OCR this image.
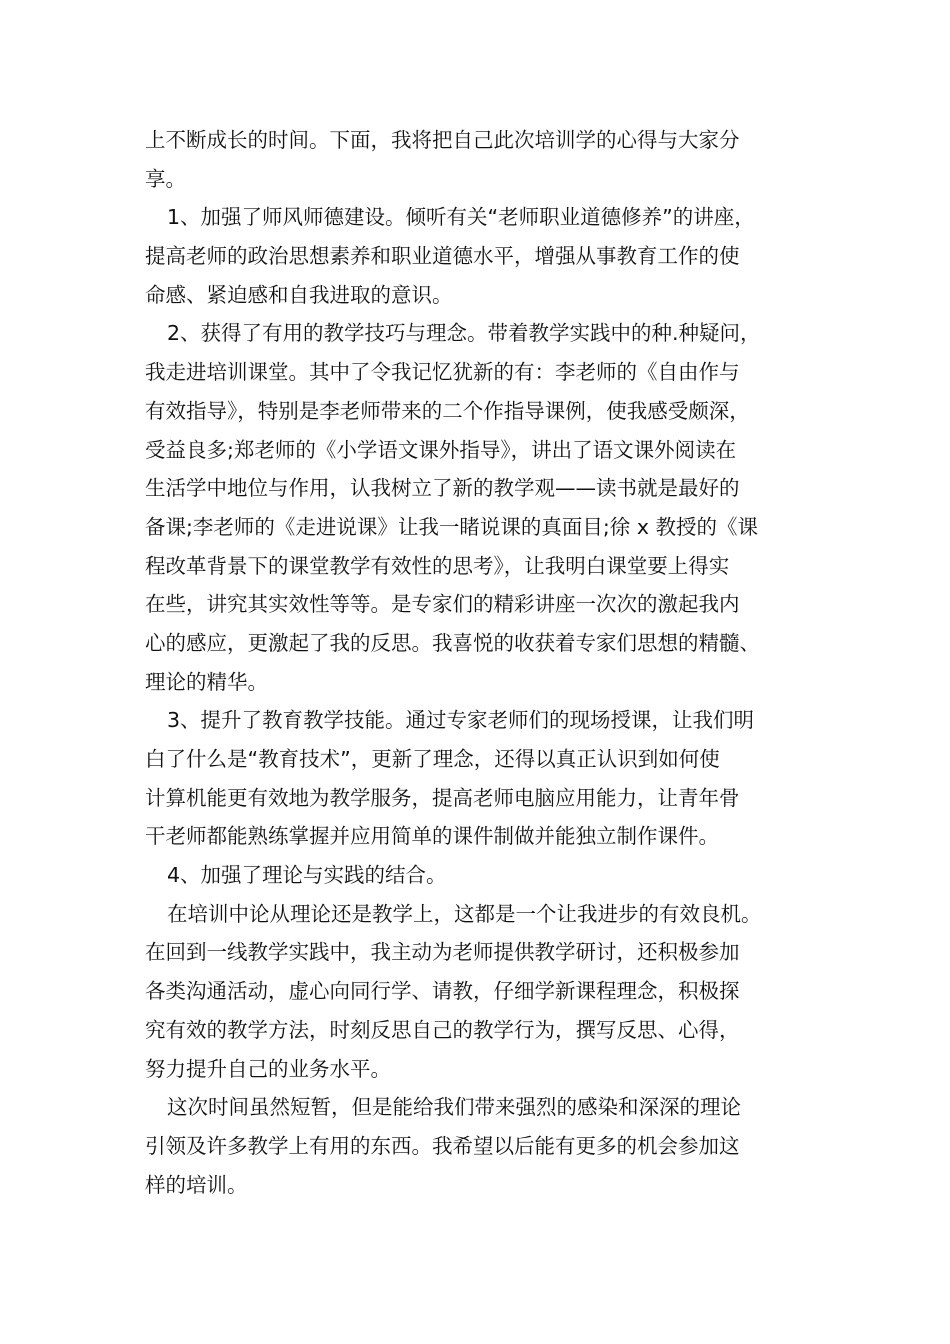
上不断成长的时间。下面，我将把自己此次培训学的心得与大家分
享。
1、加强了师风师德建设。倾听有关“老师职业道德修养”的讲座，
提高老师的政治思想素养和职业道德水平，增强从事教育工作的使
命感、紧迫感和自我进取的意识。
2、获得了有用的教学技巧与理念。带着教学实践中的种.种疑问，
我走进培训课堂。其中了令我记忆犹新的有：李老师的《自由作与
有效指导》，特别是李老师带来的二个作指导课例，使我感受颇深，
受益良多;郑老师的《小学语文课外指导》，讲出了语文课外阅读在
生活学中地位与作用，认我树立了新的教学观——读书就是最好的
备课;李老师的《走进说课》让我一睹说课的真面目;徐 x 教授的《课
程改革背景下的课堂教学有效性的思考》，让我明白课堂要上得实
在些，讲究其实效性等等。是专家们的精彩讲座一次次的激起我内
心的感应，更激起了我的反思。我喜悦的收获着专家们思想的精髓、
理论的精华。
3、提升了教育教学技能。通过专家老师们的现场授课，让我们明
白了什么是“教育技术”，更新了理念，还得以真正认识到如何使
计算机能更有效地为教学服务，提高老师电脑应用能力，让青年骨
干老师都能熟练掌握并应用简单的课件制做并能独立制作课件。
4、加强了理论与实践的结合。
在培训中论从理论还是教学上，这都是一个让我进步的有效良机。
在回到一线教学实践中，我主动为老师提供教学研讨，还积极参加
各类沟通活动，虚心向同行学、请教，仔细学新课程理念，积极探
究有效的教学方法，时刻反思自己的教学行为，撰写反思、心得，
努力提升自己的业务水平。
这次时间虽然短暂，但是能给我们带来强烈的感染和深深的理论
引领及许多教学上有用的东西。我希望以后能有更多的机会参加这
样的培训。
